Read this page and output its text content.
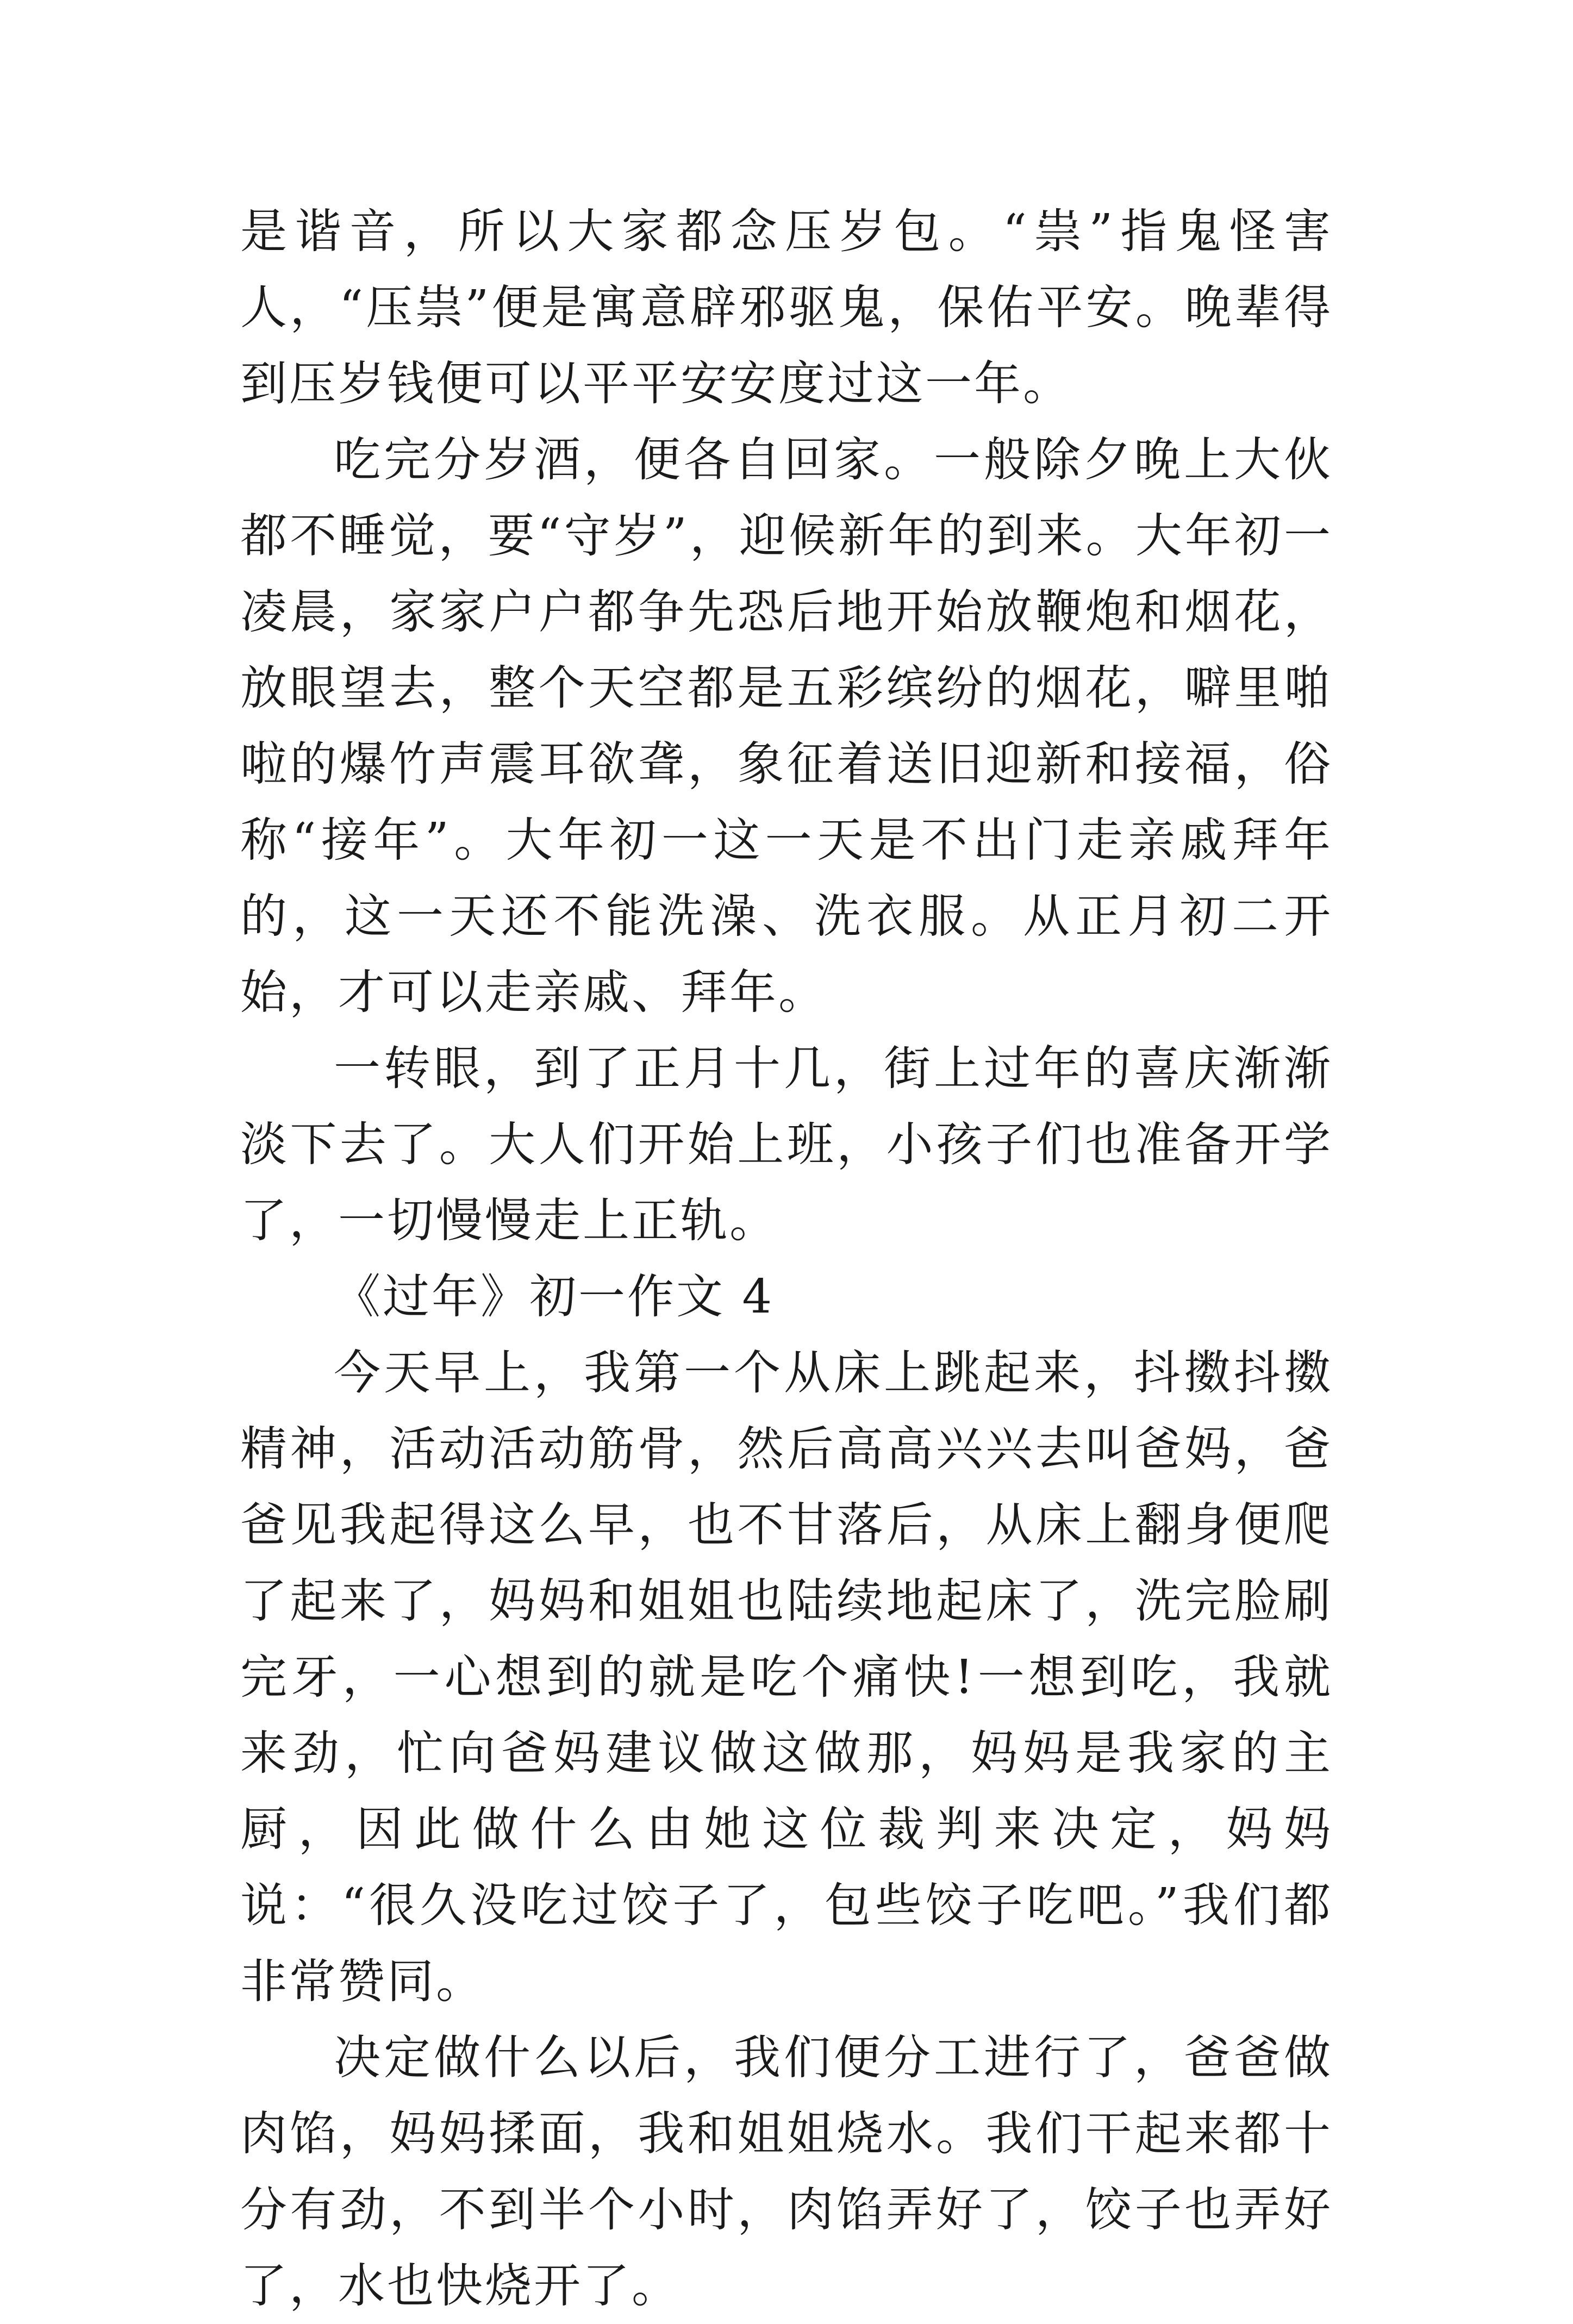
是谐音，所以大家都念压岁包。“祟”指鬼怪害人，“压祟”便是寓意辟邪驱鬼，保佑平安。晚辈得到压岁钱便可以平平安安度过这一年。

吃完分岁酒，便各自回家。一般除夕晚上大伙都不睡觉，要“守岁”，迎候新年的到来。大年初一凌晨，家家户户都争先恐后地开始放鞭炮和烟花，放眼望去，整个天空都是五彩缤纷的烟花，噼里啪啦的爆竹声震耳欲聋，象征着送旧迎新和接福，俗称“接年”。大年初一这一天是不出门走亲戚拜年的，这一天还不能洗澡、洗衣服。从正月初二开始，才可以走亲戚、拜年。

一转眼，到了正月十几，街上过年的喜庆渐渐淡下去了。大人们开始上班，小孩子们也准备开学了，一切慢慢走上正轨。

《过年》初一作文 4

今天早上，我第一个从床上跳起来，抖擞抖擞精神，活动活动筋骨，然后高高兴兴去叫爸妈，爸爸见我起得这么早，也不甘落后，从床上翻身便爬了起来了，妈妈和姐姐也陆续地起床了，洗完脸刷完牙，一心想到的就是吃个痛快!一想到吃，我就来劲，忙向爸妈建议做这做那，妈妈是我家的主厨，因此做什么由她这位裁判来决定，妈妈说：“很久没吃过饺子了，包些饺子吃吧。”我们都非常赞同。

决定做什么以后，我们便分工进行了，爸爸做肉馅，妈妈揉面，我和姐姐烧水。我们干起来都十分有劲，不到半个小时，肉馅弄好了，饺子也弄好了，水也快烧开了。
